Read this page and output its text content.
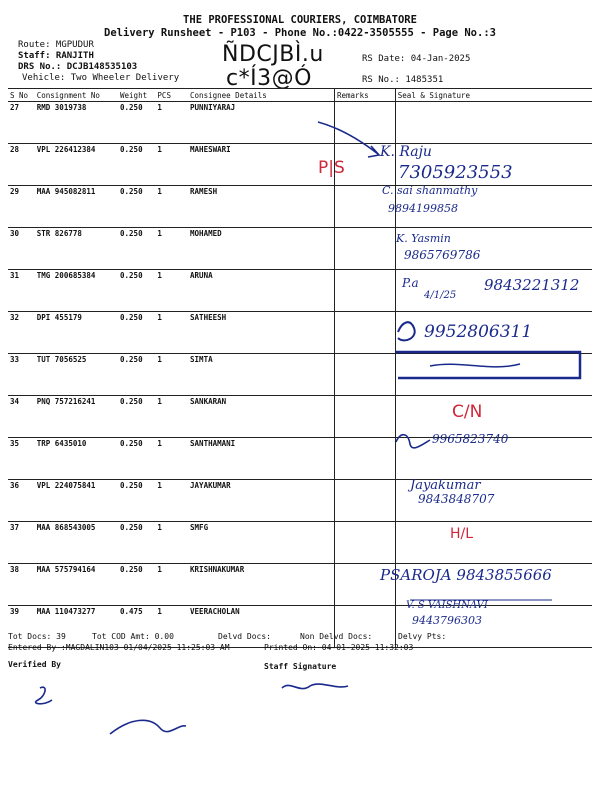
THE PROFESSIONAL COURIERS, COIMBATORE
Delivery Runsheet - P103 - Phone No.:0422-3505555 - Page No.:3
Route: MGPUDUR
Staff: RANJITH
DRS No.: DCJB148535103
Vehicle: Two Wheeler Delivery
ÑDCJBÌ.u
c*Í3@Ó
RS Date: 04-Jan-2025
RS No.: 1485351
S No	Consignment No	Weight	PCS	Consignee Details	Remarks	Seal & Signature
27	RMD 3019738	0.250	1	PUNNIYARAJ		
28	VPL 226412384	0.250	1	MAHESWARI		
29	MAA 945082811	0.250	1	RAMESH		
30	STR 826778	0.250	1	MOHAMED		
31	TMG 200685384	0.250	1	ARUNA		
32	DPI 455179	0.250	1	SATHEESH		
33	TUT 7056525	0.250	1	SIMTA		
34	PNQ 757216241	0.250	1	SANKARAN		
35	TRP 6435010	0.250	1	SANTHAMANI		
36	VPL 224075841	0.250	1	JAYAKUMAR		
37	MAA 868543005	0.250	1	SMFG		
38	MAA 575794164	0.250	1	KRISHNAKUMAR		
39	MAA 110473277	0.475	1	VEERACHOLAN		
P|S
K. Raju
7305923553
C. sai shanmathy
9894199858
K. Yasmin
9865769786
P.a
4/1/25
9843221312
9952806311
C/N
9965823740
Jayakumar
9843848707
H/L
PSAROJA 9843855666
V. S VAISHNAVI
9443796303
Tot Docs: 39	Tot COD Amt: 0.00	Delvd Docs:	Non Delvd Docs:	Delvy Pts:
Entered By :MAGDALIN103 01/04/2025 11:25:03 AM	Printed On: 04-01-2025 11:32:03
Verified By	Staff Signature
